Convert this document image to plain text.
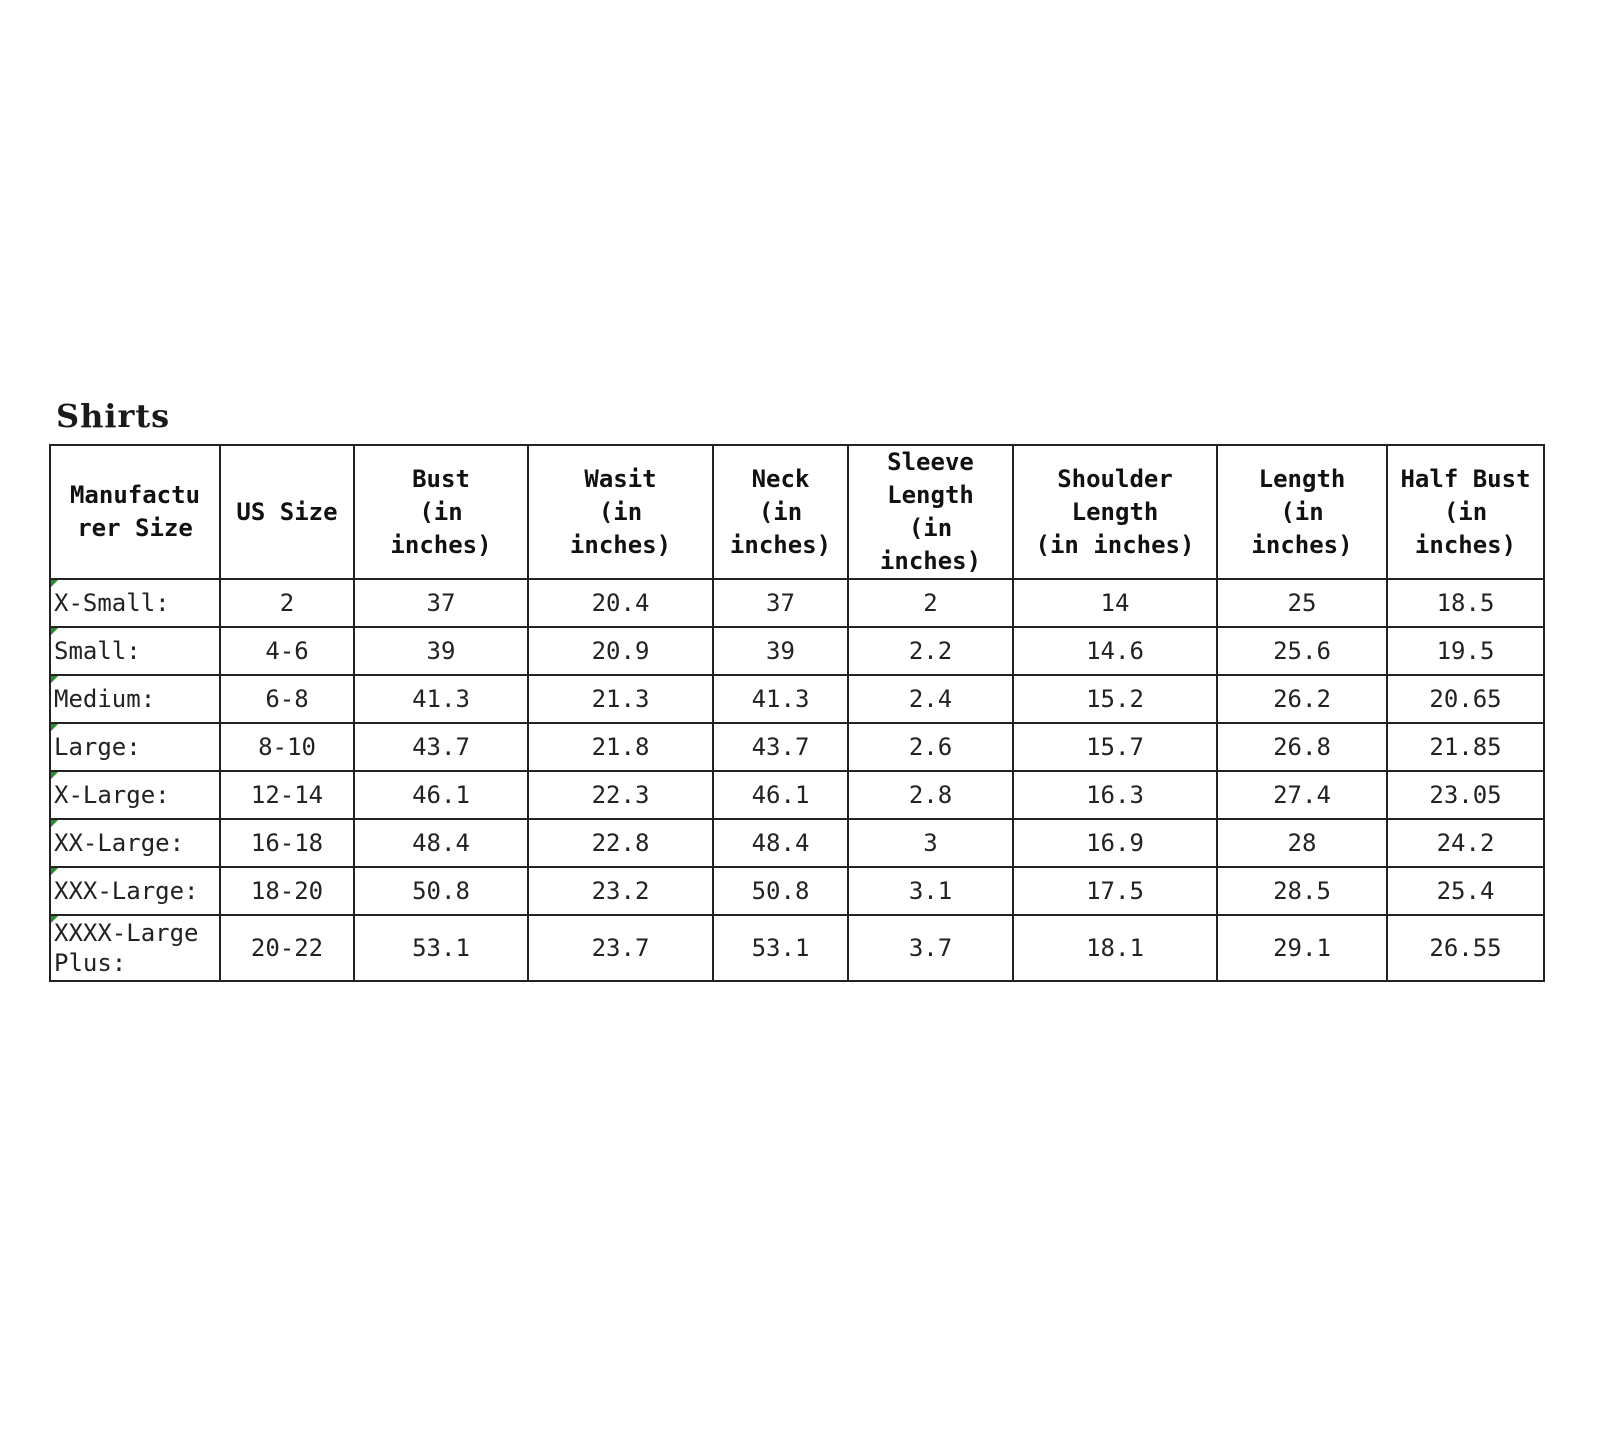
Shirts
Manufactu
rer Size	US Size	Bust
(in
inches)	Wasit
(in
inches)	Neck
(in
inches)	Sleeve
Length
(in
inches)	Shoulder
Length
(in inches)	Length
(in
inches)	Half Bust
(in
inches)

X-Small:	2	37	20.4	37	2	14	25	18.5

Small:	4-6	39	20.9	39	2.2	14.6	25.6	19.5

Medium:	6-8	41.3	21.3	41.3	2.4	15.2	26.2	20.65

Large:	8-10	43.7	21.8	43.7	2.6	15.7	26.8	21.85

X-Large:	12-14	46.1	22.3	46.1	2.8	16.3	27.4	23.05

XX-Large:	16-18	48.4	22.8	48.4	3	16.9	28	24.2

XXX-Large:	18-20	50.8	23.2	50.8	3.1	17.5	28.5	25.4

XXXX-Large
Plus:	20-22	53.1	23.7	53.1	3.7	18.1	29.1	26.55
